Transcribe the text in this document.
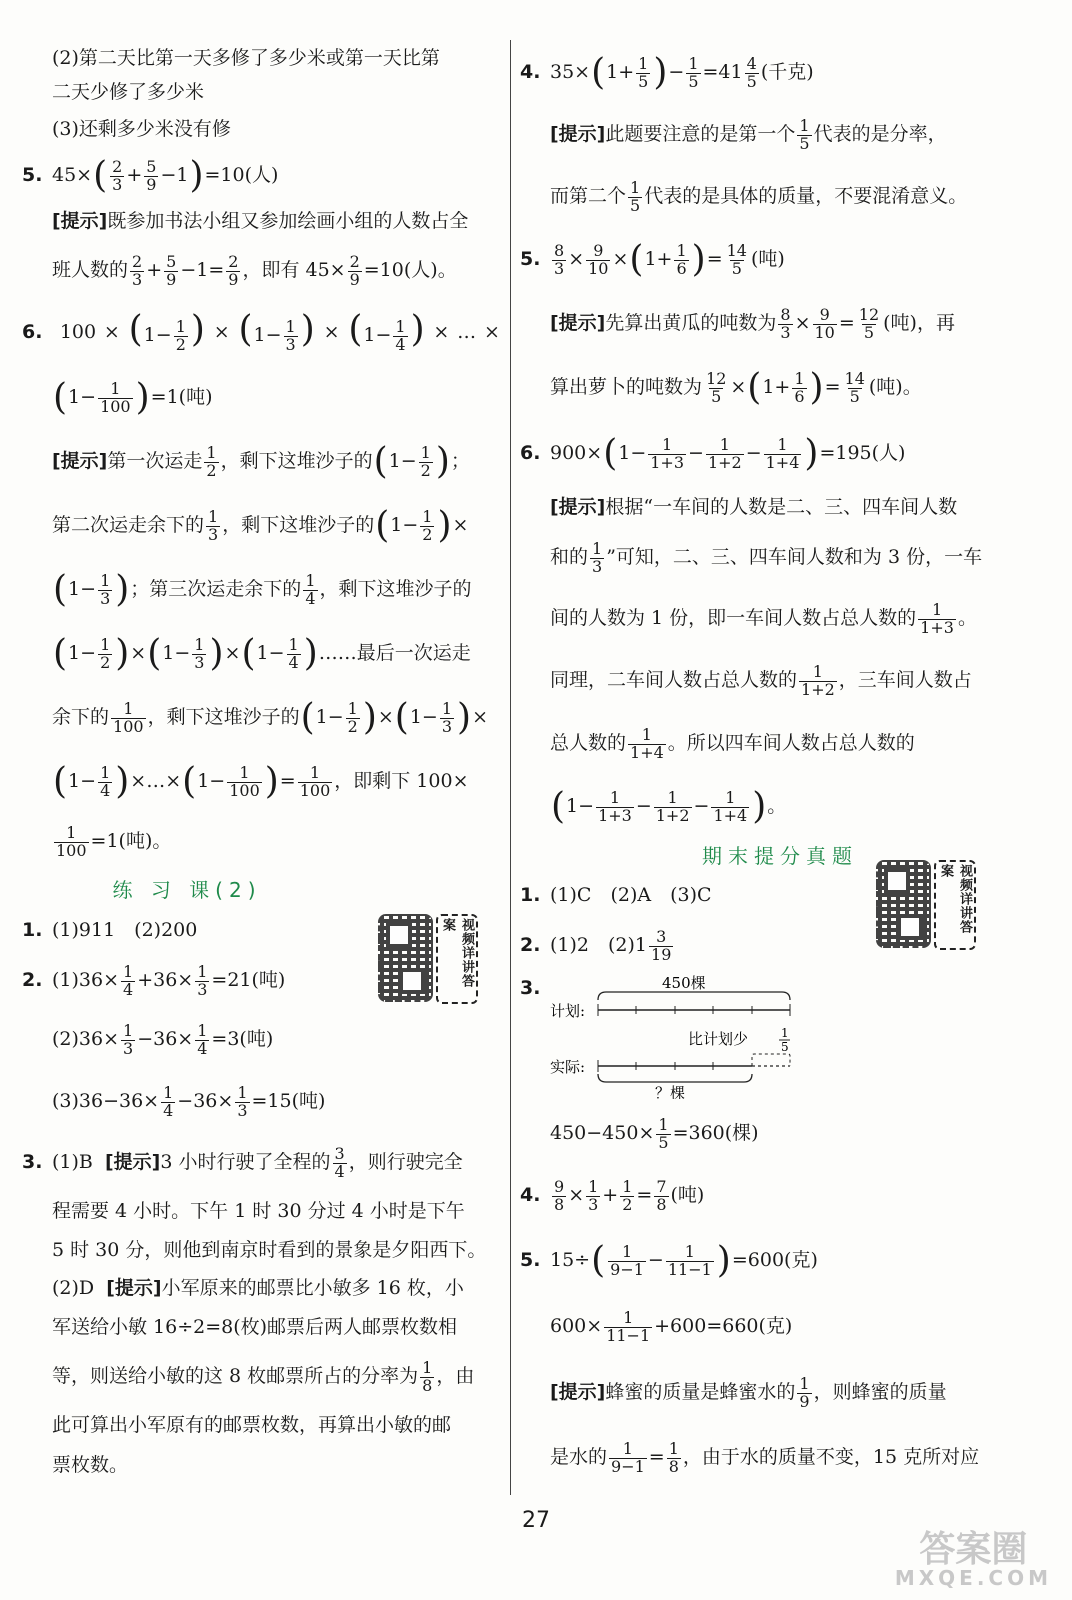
(2)第二天比第一天多修了多少米或第一天比第
二天少修了多少米
(3)还剩多少米没有修
5. 45× ( $\frac{2}{3} + \frac{5}{9} -1$ ) =10(人)
[提示] 既参加书法小组又参加绘画小组的人数占全
班人数的 $\frac{2}{3} + \frac{5}{9} -1= \frac{2}{9}$ ，即有 $45\times \frac{2}{9} =10$(人)。
6. $100 \times (1- \frac{1}{2}$ ) × ($1- \frac{1}{3}$ ) × ($1- \frac{1}{4}$ ) × … ×
( $1- \frac{1}{100}$ ) =1(吨)
[提示] 第一次运走 $\frac{1}{2}$ ，剩下这堆沙子的 ( $1- \frac{1}{2}$ ) ；
第二次运走余下的 $\frac{1}{3}$ ，剩下这堆沙子的 ( $1- \frac{1}{2}$ ) ×
( $1- \frac{1}{3}$ ) ；第三次运走余下的 $\frac{1}{4}$ ，剩下这堆沙子的
( $1- \frac{1}{2}$ ) × ( $1- \frac{1}{3}$ ) × ( $1- \frac{1}{4}$ ) ……最后一次运走
余下的 $\frac{1}{100}$ ，剩下这堆沙子的 ( $1- \frac{1}{2}$ ) × ( $1- \frac{1}{3}$ ) ×
( $1- \frac{1}{4}$ ) ×…× ( $1- \frac{1}{100}$ ) = $\frac{1}{100}$ ，即剩下 100×
$\frac{1}{100} =1$(吨)。
练 习 课(2)
1. (1)911　(2)200
2. $(1)36\times \frac{1}{4} +36\times \frac{1}{3} =21$(吨)
$(2)36\times \frac{1}{3} -36\times \frac{1}{4} =3$(吨)
$(3)36-36\times \frac{1}{4} -36\times \frac{1}{3} =15$(吨)
3. (1)B
[提示] 3 小时行驶了全程的 $\frac{3}{4}$ ，则行驶完全
程需要 4 小时。下午 1 时 30 分过 4 小时是下午
5 时 30 分，则他到南京时看到的景象是夕阳西下。
(2)D
[提示] 小军原来的邮票比小敏多 16 枚，小
军送给小敏 16÷2=8(枚)邮票后两人邮票枚数相
等，则送给小敏的这 8 枚邮票所占的分率为 $\frac{1}{8}$ ，由
此可算出小军原有的邮票枚数，再算出小敏的邮
票枚数。
视频详讲答案
4. 35× ( $1+ \frac{1}{5}$ ) − $\frac{1}{5} =41 \frac{4}{5}$ (千克)
[提示] 此题要注意的是第一个 $\frac{1}{5}$ 代表的是分率，
而第二个 $\frac{1}{5}$ 代表的是具体的质量，不要混淆意义。
5. $\frac{8}{3} \times \frac{9}{10}$ × ( $1+ \frac{1}{6}$ ) = $\frac{14}{5}$ (吨)
[提示] 先算出黄瓜的吨数为 $\frac{8}{3} \times \frac{9}{10} = \frac{12}{5}$ (吨)，再
算出萝卜的吨数为 $\frac{12}{5}$ × ( $1+ \frac{1}{6}$ ) = $\frac{14}{5}$ (吨)。
6. 900× ( $1- \frac{1}{1+3} - \frac{1}{1+2} - \frac{1}{1+4}$ ) =195(人)
[提示] 根据“一车间的人数是二、三、四车间人数
和的 $\frac{1}{3}$ ”可知，二、三、四车间人数和为 3 份，一车
间的人数为 1 份，即一车间人数占总人数的 $\frac{1}{1+3}$ 。
同理，二车间人数占总人数的 $\frac{1}{1+2}$ ，三车间人数占
总人数的 $\frac{1}{1+4}$ 。所以四车间人数占总人数的
( $1- \frac{1}{1+3} - \frac{1}{1+2} - \frac{1}{1+4}$ ) 。
期末提分真题
1. (1)C　(2)A　(3)C
2. (1)2　$(2)1 \frac{3}{19}$
3.	450棵
计划:
比计划少	1
5
实际:
？棵
$450-450\times \frac{1}{5} =360$(棵)
4. $\frac{9}{8} \times \frac{1}{3} + \frac{1}{2} = \frac{7}{8}$ (吨)
5. 15÷ ( $\frac{1}{9-1} - \frac{1}{11-1}$ ) =600(克)
$600\times \frac{1}{11-1} +600=660$(克)
[提示] 蜂蜜的质量是蜂蜜水的 $\frac{1}{9}$ ，则蜂蜜的质量
是水的 $\frac{1}{9-1} = \frac{1}{8}$ ，由于水的质量不变，15 克所对应
视频详讲答案
27
答案圈
MXQE.COM
